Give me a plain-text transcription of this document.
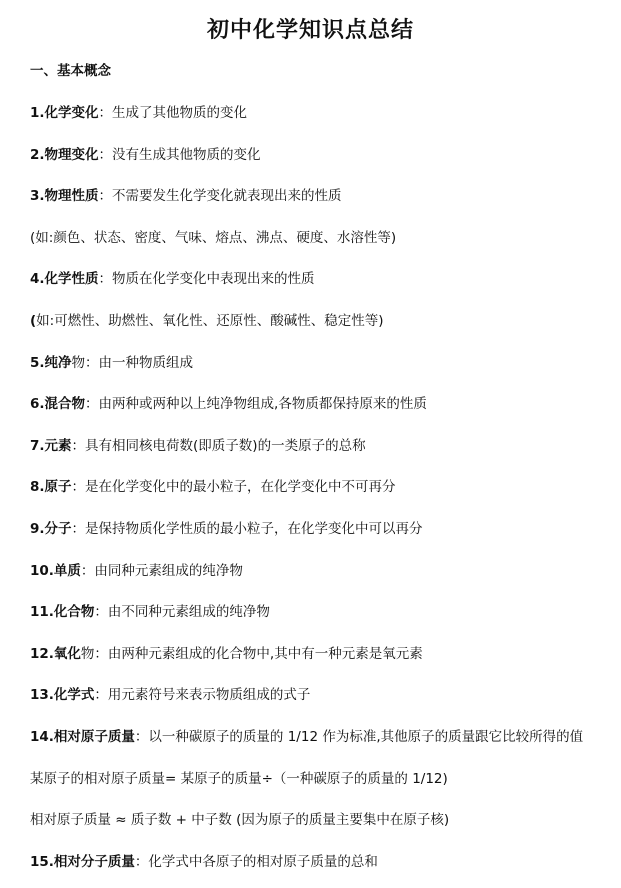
初中化学知识点总结
一、基本概念
1.化学变化：生成了其他物质的变化
2.物理变化：没有生成其他物质的变化
3.物理性质：不需要发生化学变化就表现出来的性质
(如:颜色、状态、密度、气味、熔点、沸点、硬度、水溶性等)
4.化学性质：物质在化学变化中表现出来的性质
(如:可燃性、助燃性、氧化性、还原性、酸碱性、稳定性等)
5.纯净物：由一种物质组成
6.混合物：由两种或两种以上纯净物组成,各物质都保持原来的性质
7.元素：具有相同核电荷数(即质子数)的一类原子的总称
8.原子：是在化学变化中的最小粒子，在化学变化中不可再分
9.分子：是保持物质化学性质的最小粒子，在化学变化中可以再分
10.单质：由同种元素组成的纯净物
11.化合物：由不同种元素组成的纯净物
12.氧化物：由两种元素组成的化合物中,其中有一种元素是氧元素
13.化学式：用元素符号来表示物质组成的式子
14.相对原子质量：以一种碳原子的质量的 1/12 作为标准,其他原子的质量跟它比较所得的值
某原子的相对原子质量= 某原子的质量÷（一种碳原子的质量的 1/12)
相对原子质量 ≈ 质子数 + 中子数 (因为原子的质量主要集中在原子核)
15.相对分子质量：化学式中各原子的相对原子质量的总和
